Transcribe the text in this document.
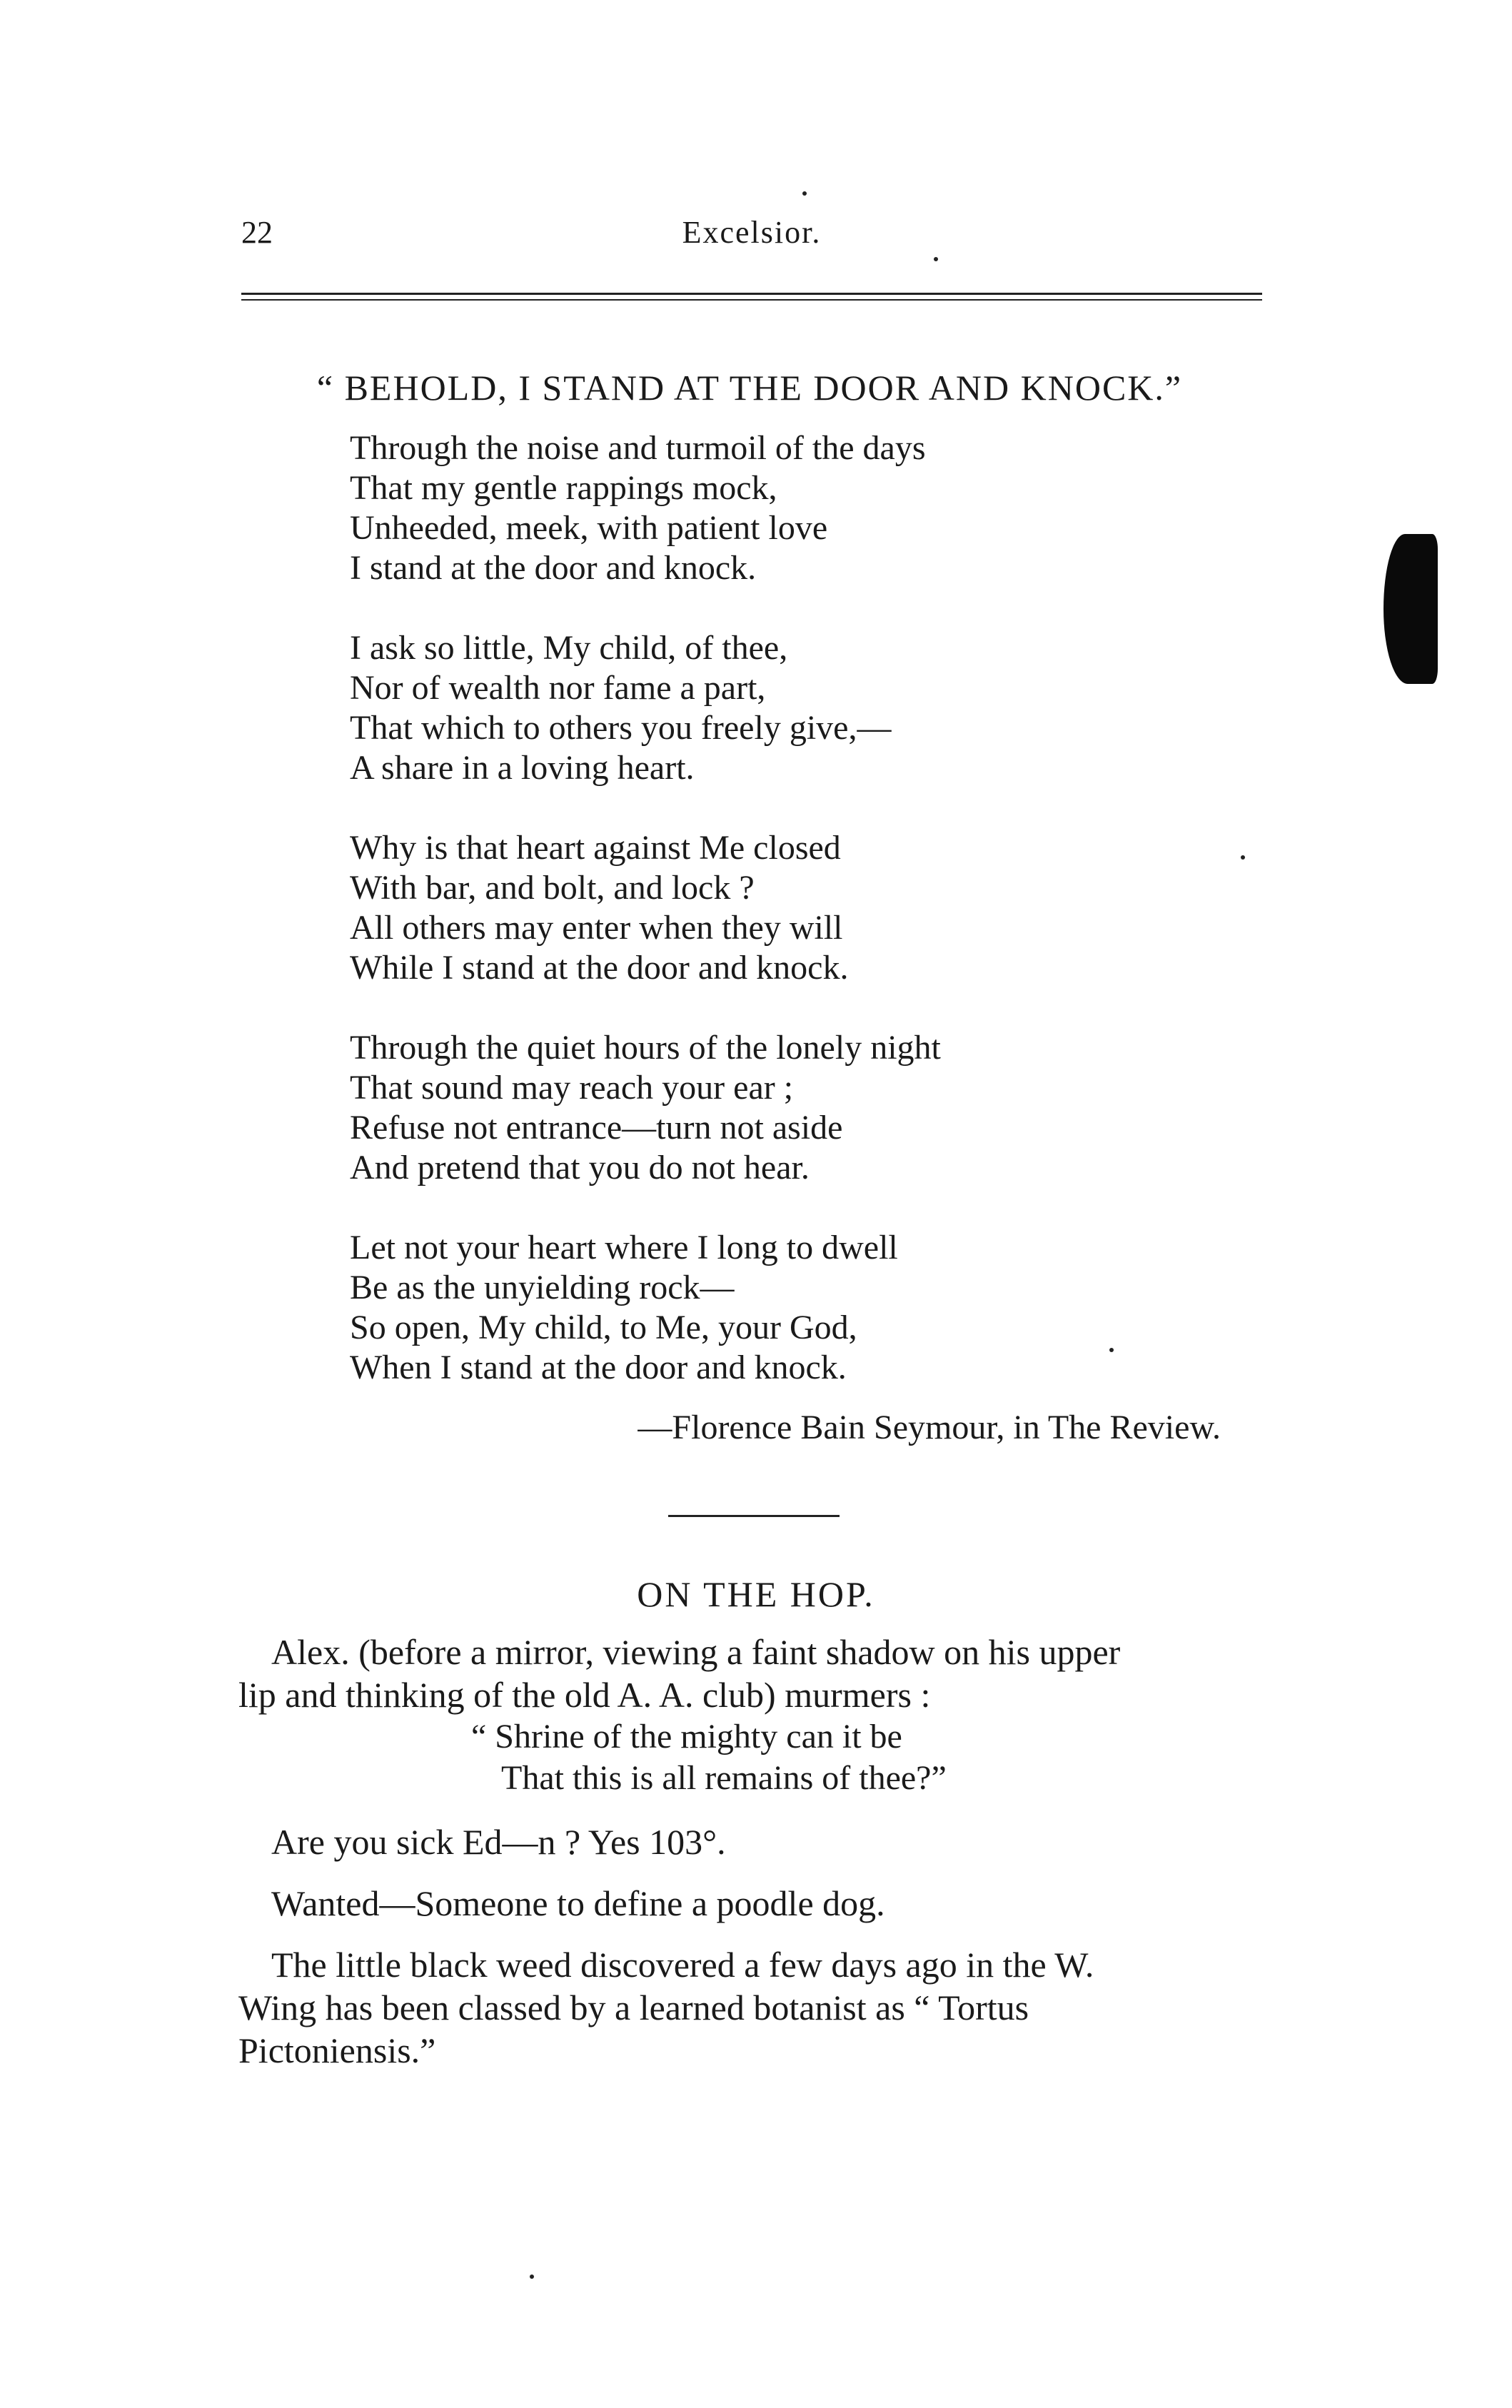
22	Excelsior.
“ BEHOLD, I STAND AT THE DOOR AND KNOCK.”
Through the noise and turmoil of the days
That my gentle rappings mock,
Unheeded, meek, with patient love
I stand at the door and knock.
I ask so little, My child, of thee,
Nor of wealth nor fame a part,
That which to others you freely give,—
A share in a loving heart.
Why is that heart against Me closed
With bar, and bolt, and lock ?
All others may enter when they will
While I stand at the door and knock.
Through the quiet hours of the lonely night
That sound may reach your ear ;
Refuse not entrance—turn not aside
And pretend that you do not hear.
Let not your heart where I long to dwell
Be as the unyielding rock—
So open, My child, to Me, your God,
When I stand at the door and knock.
—Florence Bain Seymour, in The Review.
ON THE HOP.
Alex. (before a mirror, viewing a faint shadow on his upper
lip and thinking of the old A. A. club) murmers :
“ Shrine of the mighty can it be
That this is all remains of thee?”
Are you sick Ed—n ? Yes 103°.
Wanted—Someone to define a poodle dog.
The little black weed discovered a few days ago in the W.
Wing has been classed by a learned botanist as “ Tortus
Pictoniensis.”
